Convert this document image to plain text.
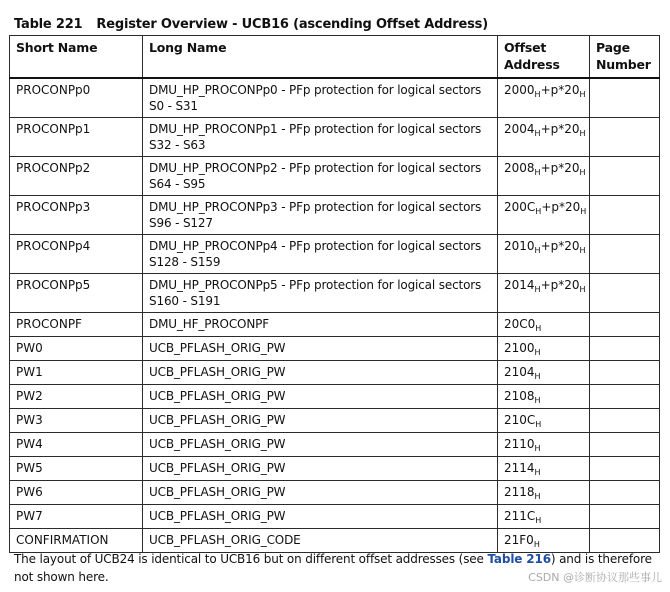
Table 221 Register Overview - UCB16 (ascending Offset Address)
Short Name	Long Name	Offset Address	Page Number
PROCONPp0	DMU_HP_PROCONPp0 - PFp protection for logical sectors S0 - S31	$2000_H+p*20_H$	
PROCONPp1	DMU_HP_PROCONPp1 - PFp protection for logical sectors S32 - S63	$2004_H+p*20_H$	
PROCONPp2	DMU_HP_PROCONPp2 - PFp protection for logical sectors S64 - S95	$2008_H+p*20_H$	
PROCONPp3	DMU_HP_PROCONPp3 - PFp protection for logical sectors S96 - S127	$200C_H+p*20_H$	
PROCONPp4	DMU_HP_PROCONPp4 - PFp protection for logical sectors S128 - S159	$2010_H+p*20_H$	
PROCONPp5	DMU_HP_PROCONPp5 - PFp protection for logical sectors S160 - S191	$2014_H+p*20_H$	
PROCONPF	DMU_HF_PROCONPF	$20C0_H$	
PW0	UCB_PFLASH_ORIG_PW	$2100_H$	
PW1	UCB_PFLASH_ORIG_PW	$2104_H$	
PW2	UCB_PFLASH_ORIG_PW	$2108_H$	
PW3	UCB_PFLASH_ORIG_PW	$210C_H$	
PW4	UCB_PFLASH_ORIG_PW	$2110_H$	
PW5	UCB_PFLASH_ORIG_PW	$2114_H$	
PW6	UCB_PFLASH_ORIG_PW	$2118_H$	
PW7	UCB_PFLASH_ORIG_PW	$211C_H$	
CONFIRMATION	UCB_PFLASH_ORIG_CODE	$21F0_H$	
The layout of UCB24 is identical to UCB16 but on different offset addresses (see Table 216) and is therefore not shown here.	CSDN @诊断协议那些事儿
